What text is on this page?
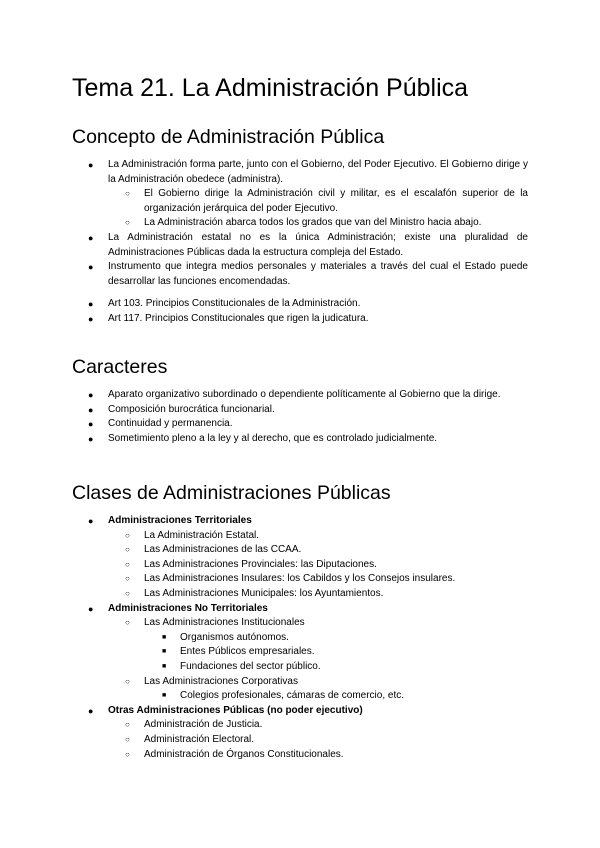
Tema 21. La Administración Pública
Concepto de Administración Pública
● La Administración forma parte, junto con el Gobierno, del Poder Ejecutivo. El Gobierno dirige y la Administración obedece (administra).
○ El Gobierno dirige la Administración civil y militar, es el escalafón superior de la organización jerárquica del poder Ejecutivo.
○ La Administración abarca todos los grados que van del Ministro hacia abajo.
● La Administración estatal no es la única Administración; existe una pluralidad de Administraciones Públicas dada la estructura compleja del Estado.
● Instrumento que integra medios personales y materiales a través del cual el Estado puede desarrollar las funciones encomendadas.
● Art 103. Principios Constitucionales de la Administración.
● Art 117. Principios Constitucionales que rigen la judicatura.
Caracteres
● Aparato organizativo subordinado o dependiente políticamente al Gobierno que la dirige.
● Composición burocrática funcionarial.
● Continuidad y permanencia.
● Sometimiento pleno a la ley y al derecho, que es controlado judicialmente.
Clases de Administraciones Públicas
● Administraciones Territoriales
○ La Administración Estatal.
○ Las Administraciones de las CCAA.
○ Las Administraciones Provinciales: las Diputaciones.
○ Las Administraciones Insulares: los Cabildos y los Consejos insulares.
○ Las Administraciones Municipales: los Ayuntamientos.
● Administraciones No Territoriales
○ Las Administraciones Institucionales
■ Organismos autónomos.
■ Entes Públicos empresariales.
■ Fundaciones del sector público.
○ Las Administraciones Corporativas
■ Colegios profesionales, cámaras de comercio, etc.
● Otras Administraciones Públicas (no poder ejecutivo)
○ Administración de Justicia.
○ Administración Electoral.
○ Administración de Órganos Constitucionales.
